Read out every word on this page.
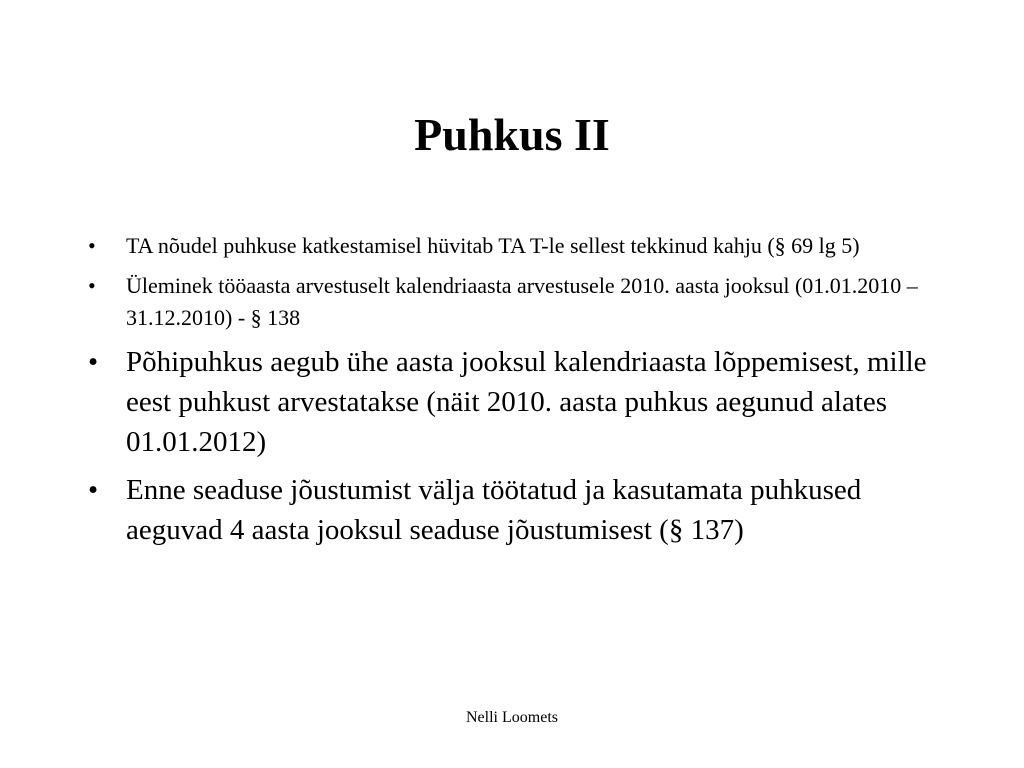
Puhkus II
• TA nõudel puhkuse katkestamisel hüvitab TA T-le sellest tekkinud kahju (§ 69 lg 5)
• Üleminek tööaasta arvestuselt kalendriaasta arvestusele 2010. aasta jooksul (01.01.2010 – 31.12.2010) - § 138
• Põhipuhkus aegub ühe aasta jooksul kalendriaasta lõppemisest, mille eest puhkust arvestatakse (näit 2010. aasta puhkus aegunud alates 01.01.2012)
• Enne seaduse jõustumist välja töötatud ja kasutamata puhkused aeguvad 4 aasta jooksul seaduse jõustumisest (§ 137)
Nelli Loomets
